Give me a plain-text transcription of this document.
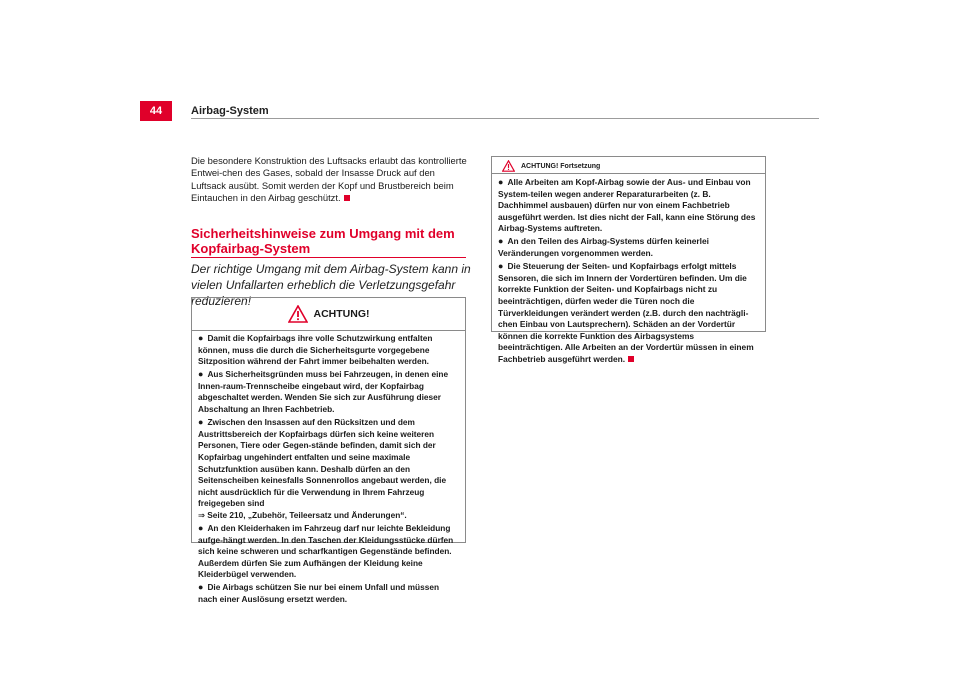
44	Airbag-System
Die besondere Konstruktion des Luftsacks erlaubt das kontrollierte Entwei-chen des Gases, sobald der Insasse Druck auf den Luftsack ausübt. Somit werden der Kopf und Brustbereich beim Eintauchen in den Airbag geschützt.
Sicherheitshinweise zum Umgang mit dem Kopfairbag-System
Der richtige Umgang mit dem Airbag-System kann in vielen Unfallarten erheblich die Verletzungsgefahr reduzieren!
ACHTUNG!

● Damit die Kopfairbags ihre volle Schutzwirkung entfalten können, muss die durch die Sicherheitsgurte vorgegebene Sitzposition während der Fahrt immer beibehalten werden.

● Aus Sicherheitsgründen muss bei Fahrzeugen, in denen eine Innen-raum-Trennscheibe eingebaut wird, der Kopfairbag abgeschaltet werden. Wenden Sie sich zur Ausführung dieser Abschaltung an Ihren Fachbetrieb.

● Zwischen den Insassen auf den Rücksitzen und dem Austrittsbereich der Kopfairbags dürfen sich keine weiteren Personen, Tiere oder Gegen-stände befinden, damit sich der Kopfairbag ungehindert entfalten und seine maximale Schutzfunktion ausüben kann. Deshalb dürfen an den Seitenscheiben keinesfalls Sonnenrollos angebaut werden, die nicht ausdrücklich für die Verwendung in Ihrem Fahrzeug freigegeben sind
⇒ Seite 210, „Zubehör, Teileersatz und Änderungen“.

● An den Kleiderhaken im Fahrzeug darf nur leichte Bekleidung aufge-hängt werden. In den Taschen der Kleidungsstücke dürfen sich keine schweren und scharfkantigen Gegenstände befinden. Außerdem dürfen Sie zum Aufhängen der Kleidung keine Kleiderbügel verwenden.

● Die Airbags schützen Sie nur bei einem Unfall und müssen nach einer Auslösung ersetzt werden.

ACHTUNG! Fortsetzung

● Alle Arbeiten am Kopf-Airbag sowie der Aus- und Einbau von System-teilen wegen anderer Reparaturarbeiten (z. B. Dachhimmel ausbauen) dürfen nur von einem Fachbetrieb ausgeführt werden. Ist dies nicht der Fall, kann eine Störung des Airbag-Systems auftreten.

● An den Teilen des Airbag-Systems dürfen keinerlei Veränderungen vorgenommen werden.

● Die Steuerung der Seiten- und Kopfairbags erfolgt mittels Sensoren, die sich im Innern der Vordertüren befinden. Um die korrekte Funktion der Seiten- und Kopfairbags nicht zu beeinträchtigen, dürfen weder die Türen noch die Türverkleidungen verändert werden (z.B. durch den nachträgli-chen Einbau von Lautsprechern). Schäden an der Vordertür können die korrekte Funktion des Airbagsystems beeinträchtigen. Alle Arbeiten an der Vordertür müssen in einem Fachbetrieb ausgeführt werden.
